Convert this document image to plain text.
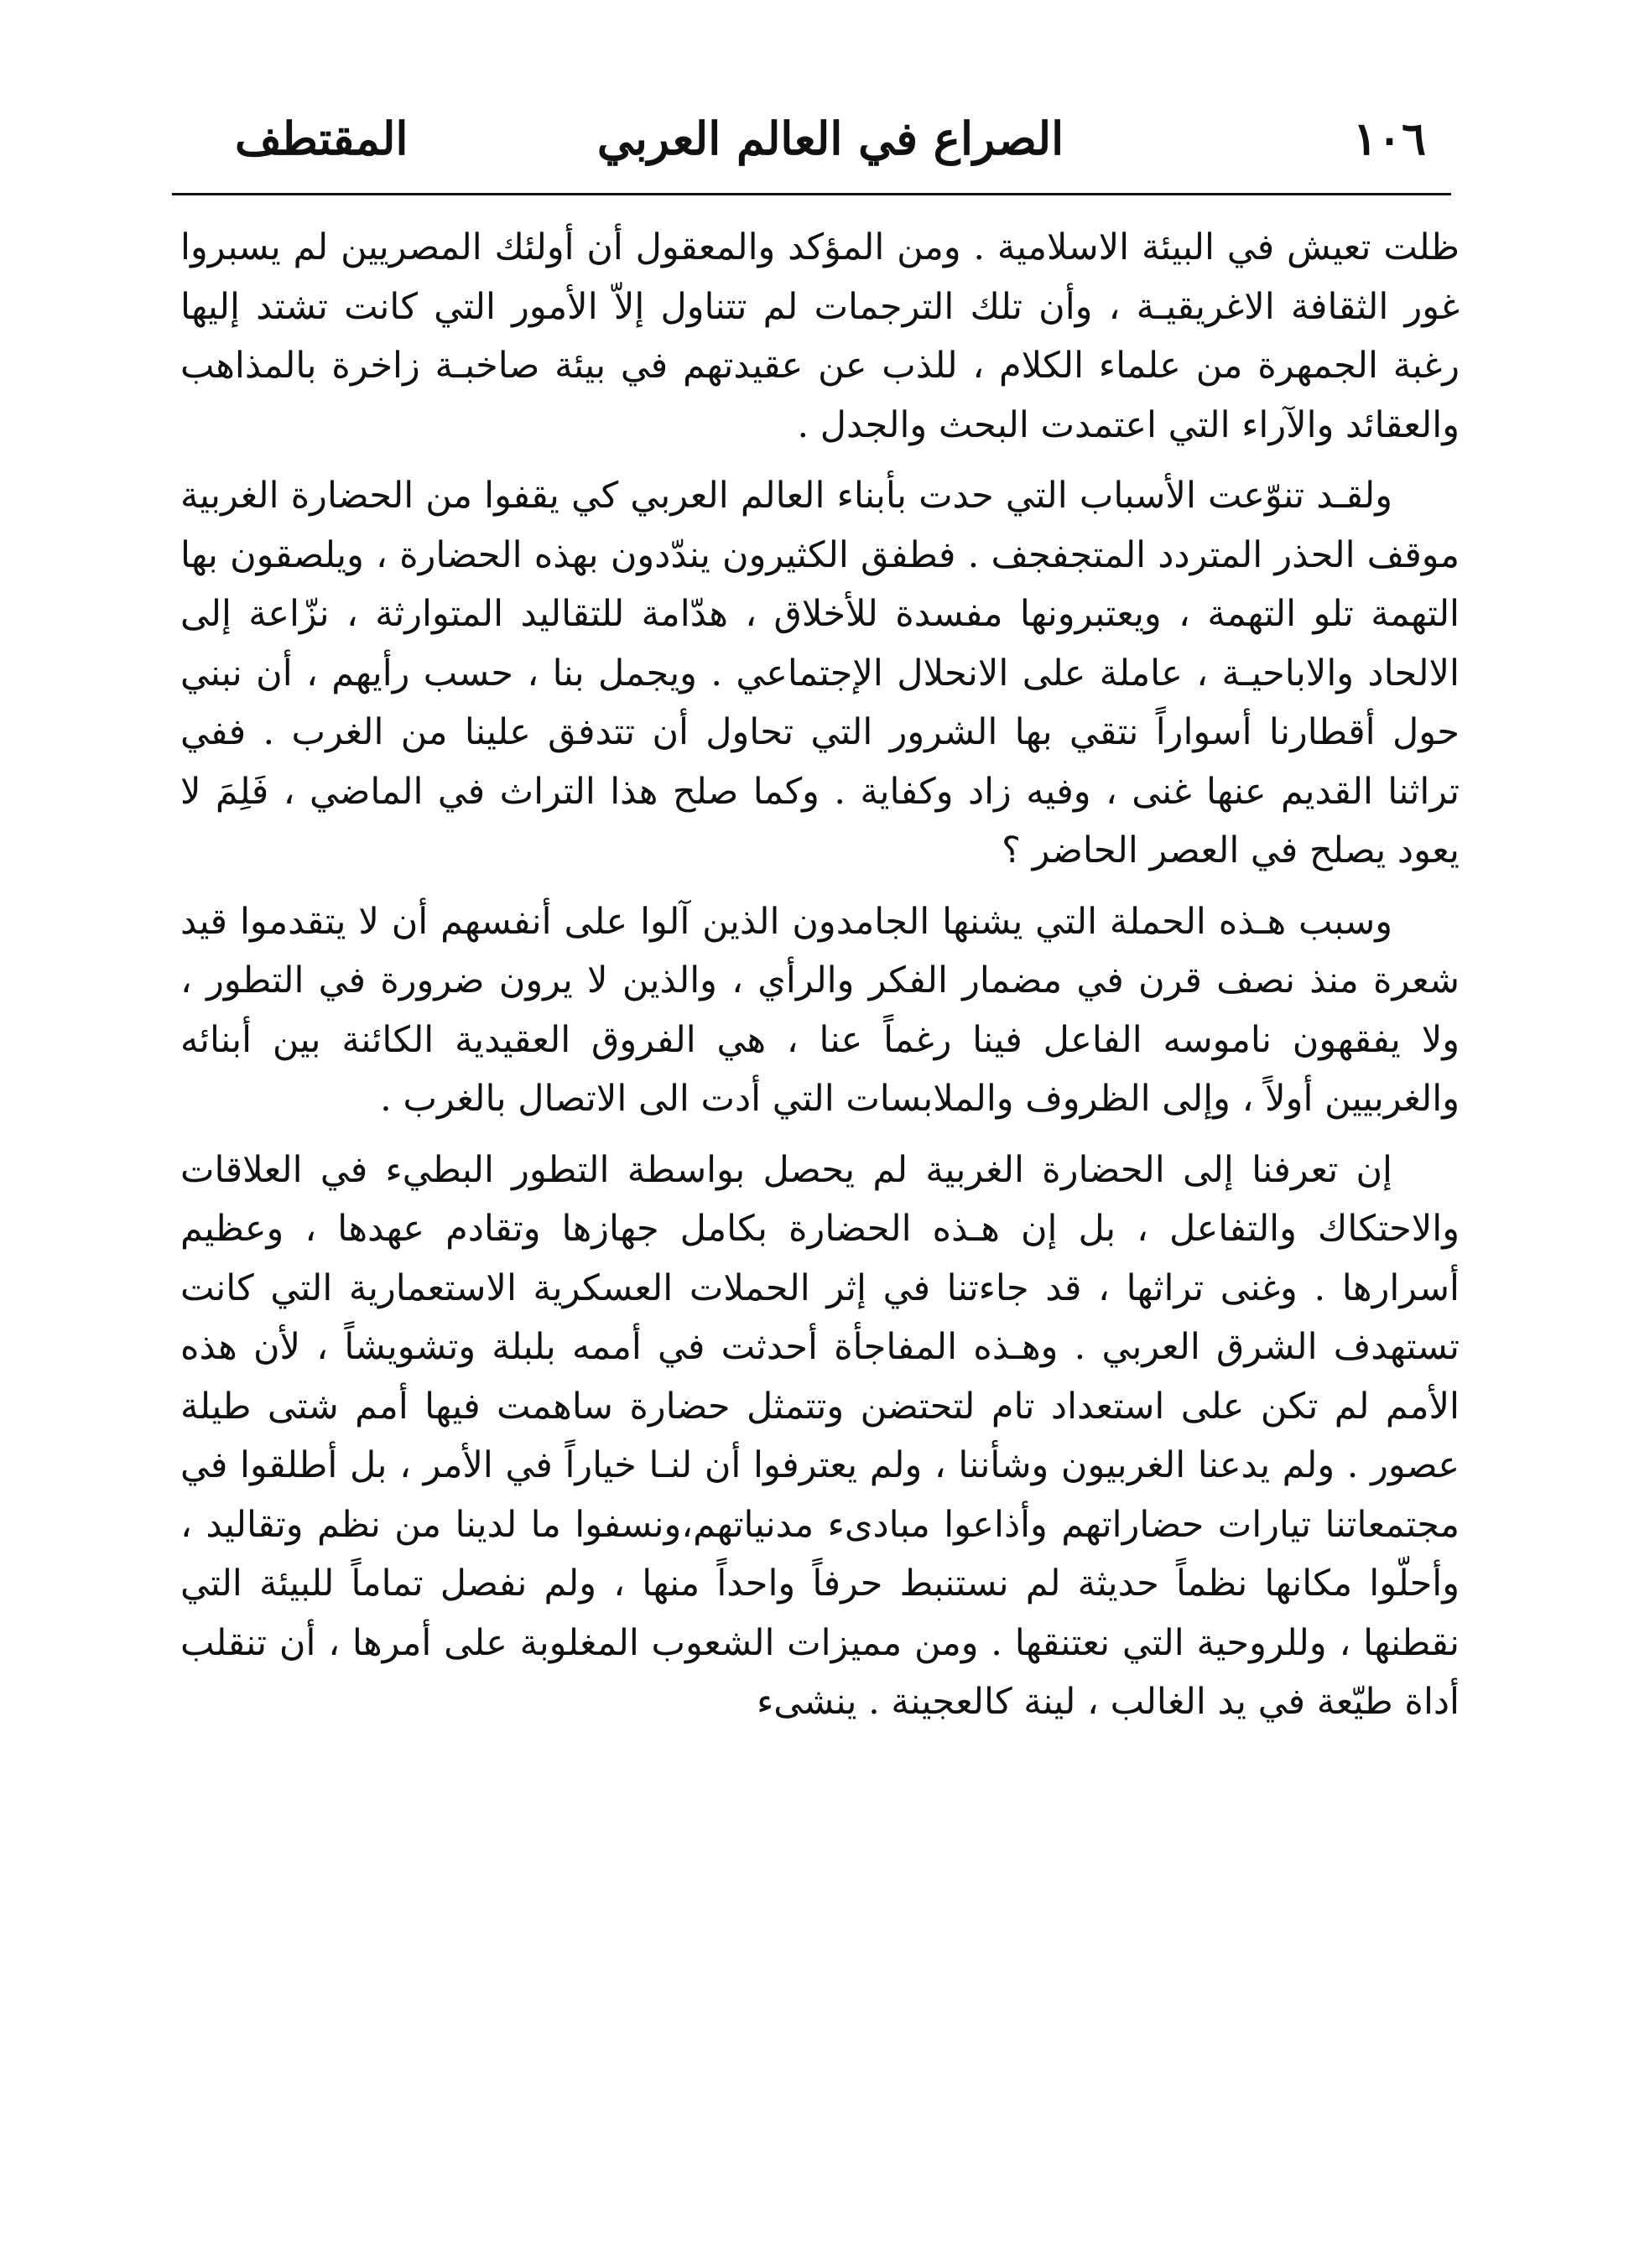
١٠٦
الصراع في العالم العربي
المقتطف

ظلت تعيش في البيئة الاسلامية . ومن المؤكد والمعقول أن أولئك المصريين لم يسبروا غور الثقافة الاغريقيـة ، وأن تلك الترجمات لم تتناول إلاّ الأمور التي كانت تشتد إليها رغبة الجمهرة من علماء الكلام ، للذب عن عقيدتهم في بيئة صاخبـة زاخرة بالمذاهب والعقائد والآراء التي اعتمدت البحث والجدل .

ولقـد تنوّعت الأسباب التي حدت بأبناء العالم العربي كي يقفوا من الحضارة الغربية موقف الحذر المتردد المتجفجف . فطفق الكثيرون يندّدون بهذه الحضارة ، ويلصقون بها التهمة تلو التهمة ، ويعتبرونها مفسدة للأخلاق ، هدّامة للتقاليد المتوارثة ، نزّاعة إلى الالحاد والاباحيـة ، عاملة على الانحلال الإجتماعي . ويجمل بنا ، حسب رأيهم ، أن نبني حول أقطارنا أسواراً نتقي بها الشرور التي تحاول أن تتدفق علينا من الغرب . ففي تراثنا القديم عنها غنى ، وفيه زاد وكفاية . وكما صلح هذا التراث في الماضي ، فَلِمَ لا يعود يصلح في العصر الحاضر ؟

وسبب هـذه الحملة التي يشنها الجامدون الذين آلوا على أنفسهم أن لا يتقدموا قيد شعرة منذ نصف قرن في مضمار الفكر والرأي ، والذين لا يرون ضرورة في التطور ، ولا يفقهون ناموسه الفاعل فينا رغماً عنا ، هي الفروق العقيدية الكائنة بين أبنائه والغربيين أولاً ، وإلى الظروف والملابسات التي أدت الى الاتصال بالغرب .

إن تعرفنا إلى الحضارة الغربية لم يحصل بواسطة التطور البطيء في العلاقات والاحتكاك والتفاعل ، بل إن هـذه الحضارة بكامل جهازها وتقادم عهدها ، وعظيم أسرارها . وغنى تراثها ، قد جاءتنا في إثر الحملات العسكرية الاستعمارية التي كانت تستهدف الشرق العربي . وهـذه المفاجأة أحدثت في أممه بلبلة وتشويشاً ، لأن هذه الأمم لم تكن على استعداد تام لتحتضن وتتمثل حضارة ساهمت فيها أمم شتى طيلة عصور . ولم يدعنا الغربيون وشأننا ، ولم يعترفوا أن لنـا خياراً في الأمر ، بل أطلقوا في مجتمعاتنا تيارات حضاراتهم وأذاعوا مبادىء مدنياتهم،ونسفوا ما لدينا من نظم وتقاليد ، وأحلّوا مكانها نظماً حديثة لم نستنبط حرفاً واحداً منها ، ولم نفصل تماماً للبيئة التي نقطنها ، وللروحية التي نعتنقها . ومن مميزات الشعوب المغلوبة على أمرها ، أن تنقلب أداة طيّعة في يد الغالب ، لينة كالعجينة . ينشىء
